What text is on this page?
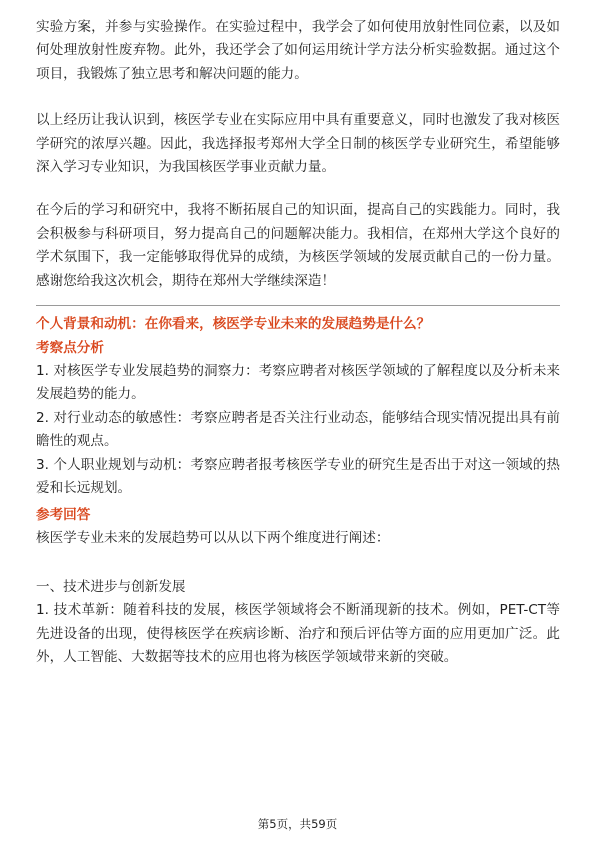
实验方案，并参与实验操作。在实验过程中，我学会了如何使用放射性同位素，以及如何处理放射性废弃物。此外，我还学会了如何运用统计学方法分析实验数据。通过这个项目，我锻炼了独立思考和解决问题的能力。

以上经历让我认识到，核医学专业在实际应用中具有重要意义，同时也激发了我对核医学研究的浓厚兴趣。因此，我选择报考郑州大学全日制的核医学专业研究生，希望能够深入学习专业知识，为我国核医学事业贡献力量。

在今后的学习和研究中，我将不断拓展自己的知识面，提高自己的实践能力。同时，我会积极参与科研项目，努力提高自己的问题解决能力。我相信，在郑州大学这个良好的学术氛围下，我一定能够取得优异的成绩，为核医学领域的发展贡献自己的一份力量。感谢您给我这次机会，期待在郑州大学继续深造！

个人背景和动机：在你看来，核医学专业未来的发展趋势是什么？
考察点分析

1. 对核医学专业发展趋势的洞察力：考察应聘者对核医学领域的了解程度以及分析未来发展趋势的能力。

2. 对行业动态的敏感性：考察应聘者是否关注行业动态，能够结合现实情况提出具有前瞻性的观点。

3. 个人职业规划与动机：考察应聘者报考核医学专业的研究生是否出于对这一领域的热爱和长远规划。

参考回答

核医学专业未来的发展趋势可以从以下两个维度进行阐述：

一、技术进步与创新发展

1. 技术革新：随着科技的发展，核医学领域将会不断涌现新的技术。例如，PET-CT等先进设备的出现，使得核医学在疾病诊断、治疗和预后评估等方面的应用更加广泛。此外，人工智能、大数据等技术的应用也将为核医学领域带来新的突破。

第5页，共59页
